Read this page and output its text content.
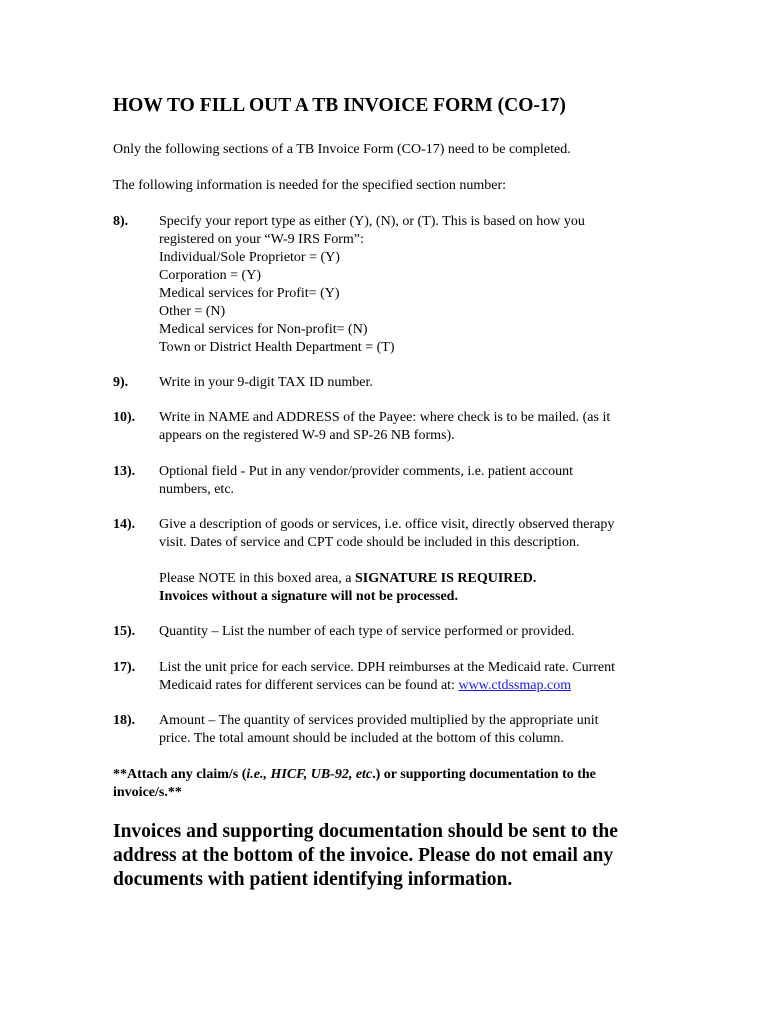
HOW TO FILL OUT A TB INVOICE FORM (CO-17)

Only the following sections of a TB Invoice Form (CO-17) need to be completed.

The following information is needed for the specified section number:

8). Specify your report type as either (Y), (N), or (T). This is based on how you
registered on your “W-9 IRS Form”:
Individual/Sole Proprietor = (Y)
Corporation = (Y)
Medical services for Profit= (Y)
Other = (N)
Medical services for Non-profit= (N)
Town or District Health Department = (T)
9). Write in your 9-digit TAX ID number.
10). Write in NAME and ADDRESS of the Payee: where check is to be mailed. (as it
appears on the registered W-9 and SP-26 NB forms).
13). Optional field - Put in any vendor/provider comments, i.e. patient account
numbers, etc.
14). Give a description of goods or services, i.e. office visit, directly observed therapy
visit. Dates of service and CPT code should be included in this description.
Please NOTE in this boxed area, a SIGNATURE IS REQUIRED.
Invoices without a signature will not be processed.
15). Quantity – List the number of each type of service performed or provided.
17). List the unit price for each service. DPH reimburses at the Medicaid rate. Current
Medicaid rates for different services can be found at: www.ctdssmap.com
18). Amount – The quantity of services provided multiplied by the appropriate unit
price. The total amount should be included at the bottom of this column.
**Attach any claim/s (i.e., HICF, UB-92, etc.) or supporting documentation to the
invoice/s.**
Invoices and supporting documentation should be sent to the
address at the bottom of the invoice. Please do not email any
documents with patient identifying information.
